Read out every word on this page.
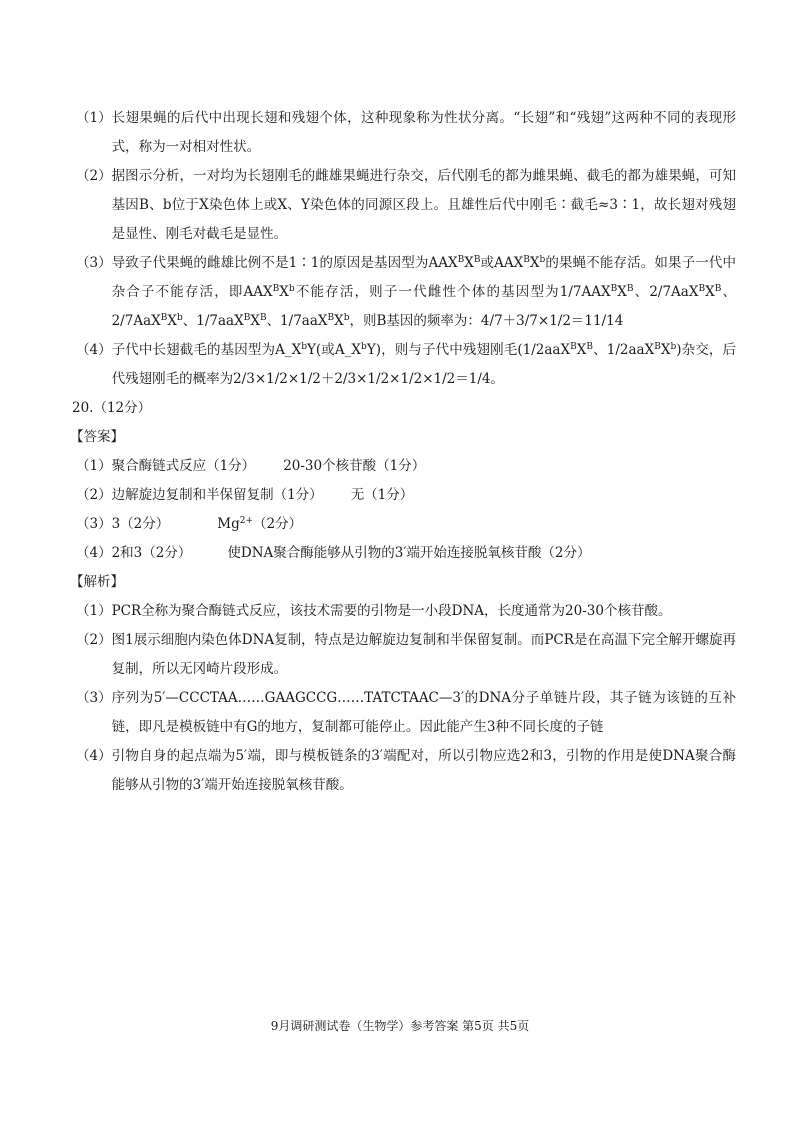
（1） 长翅果蝇的后代中出现长翅和残翅个体，这种现象称为性状分离。“长翅”和“残翅”这两种不同的表现形式，称为一对相对性状。
（2） 据图示分析，一对均为长翅刚毛的雌雄果蝇进行杂交，后代刚毛的都为雌果蝇、截毛的都为雄果蝇，可知基因B、b位于X染色体上或X、Y染色体的同源区段上。且雄性后代中刚毛∶截毛≈3∶1，故长翅对残翅是显性、刚毛对截毛是显性。
（3） 导致子代果蝇的雌雄比例不是1∶1的原因是基因型为$AAX^BX^B$或$AAX^BX^b$的果蝇不能存活。如果子一代中杂合子不能存活，即$AAX^BX^b$不能存活，则子一代雌性个体的基因型为$1/7AAX^BX^B$、$2/7AaX^BX^B$、$2/7AaX^BX^b$、$1/7aaX^BX^B$、$1/7aaX^BX^b$，则B基因的频率为：4/7＋3/7×1/2＝11/14
（4） 子代中长翅截毛的基因型为$A\_X^bY$(或$A\_X^bY$)，则与子代中残翅刚毛($1/2aaX^BX^B$、$1/2aaX^BX^b$)杂交，后代残翅刚毛的概率为2/3×1/2×1/2＋2/3×1/2×1/2×1/2＝1/4。
20.（12分）
【答案】
（1）聚合酶链式反应（1分） 20-30个核苷酸（1分）
（2）边解旋边复制和半保留复制（1分） 无（1分）
（3）3（2分）	$Mg^{2+}(2$分）
（4）2和3（2分）	使DNA聚合酶能够从引物的3′端开始连接脱氧核苷酸（2分）
【解析】
（1） PCR全称为聚合酶链式反应，该技术需要的引物是一小段DNA，长度通常为20-30个核苷酸。
（2） 图1展示细胞内染色体DNA复制，特点是边解旋边复制和半保留复制。而PCR是在高温下完全解开螺旋再复制，所以无冈崎片段形成。
（3） 序列为5′—CCCTAA……GAAGCCG……TATCTAAC—3′的DNA分子单链片段，其子链为该链的互补链，即凡是模板链中有G的地方，复制都可能停止。因此能产生3种不同长度的子链
（4） 引物自身的起点端为5′端，即与模板链条的3′端配对，所以引物应选2和3，引物的作用是使DNA聚合酶能够从引物的3′端开始连接脱氧核苷酸。
9月调研测试卷（生物学）参考答案 第5页 共5页
